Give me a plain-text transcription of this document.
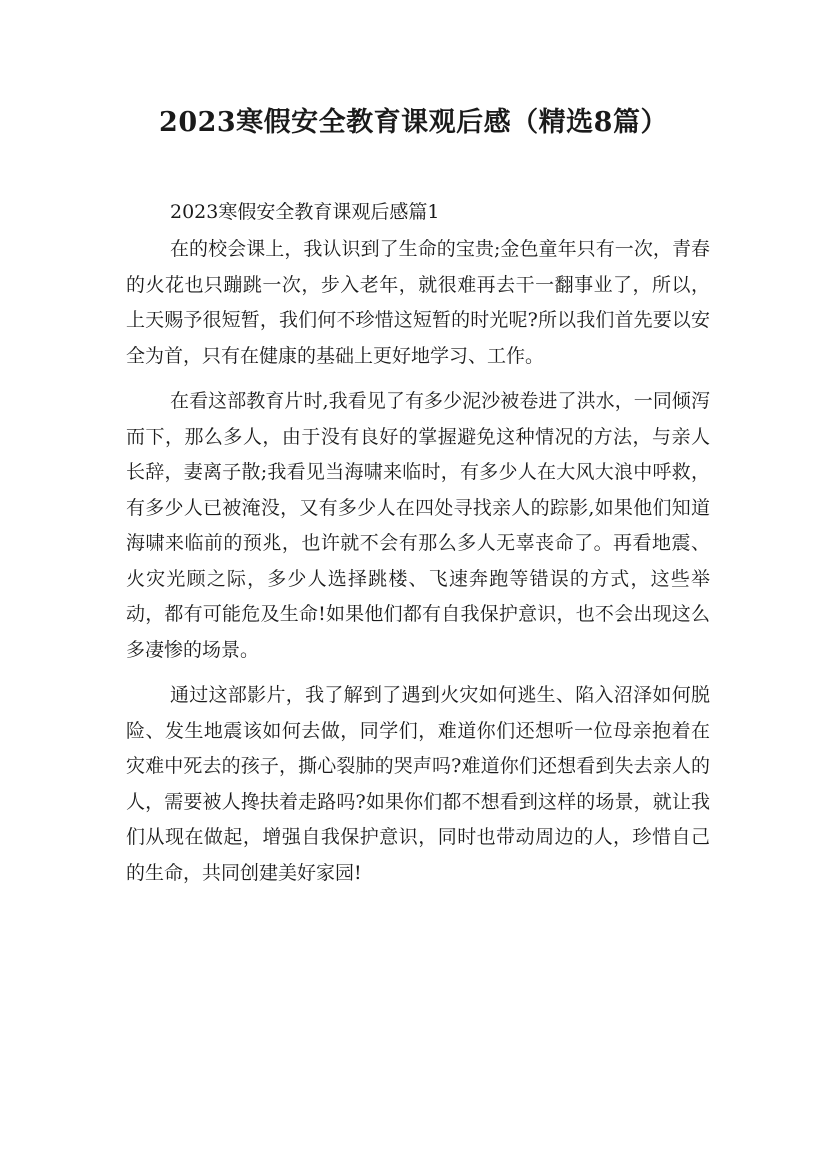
2023寒假安全教育课观后感（精选8篇）
2023寒假安全教育课观后感篇1

在的校会课上，我认识到了生命的宝贵;金色童年只有一次，青春的火花也只蹦跳一次，步入老年，就很难再去干一翻事业了，所以，上天赐予很短暂，我们何不珍惜这短暂的时光呢?所以我们首先要以安全为首，只有在健康的基础上更好地学习、工作。

在看这部教育片时,我看见了有多少泥沙被卷进了洪水，一同倾泻而下，那么多人，由于没有良好的掌握避免这种情况的方法，与亲人长辞，妻离子散;我看见当海啸来临时，有多少人在大风大浪中呼救，有多少人已被淹没，又有多少人在四处寻找亲人的踪影,如果他们知道海啸来临前的预兆，也许就不会有那么多人无辜丧命了。再看地震、火灾光顾之际，多少人选择跳楼、飞速奔跑等错误的方式，这些举动，都有可能危及生命!如果他们都有自我保护意识，也不会出现这么多凄惨的场景。

通过这部影片，我了解到了遇到火灾如何逃生、陷入沼泽如何脱险、发生地震该如何去做，同学们，难道你们还想听一位母亲抱着在灾难中死去的孩子，撕心裂肺的哭声吗?难道你们还想看到失去亲人的人，需要被人搀扶着走路吗?如果你们都不想看到这样的场景，就让我们从现在做起，增强自我保护意识，同时也带动周边的人，珍惜自己的生命，共同创建美好家园!
